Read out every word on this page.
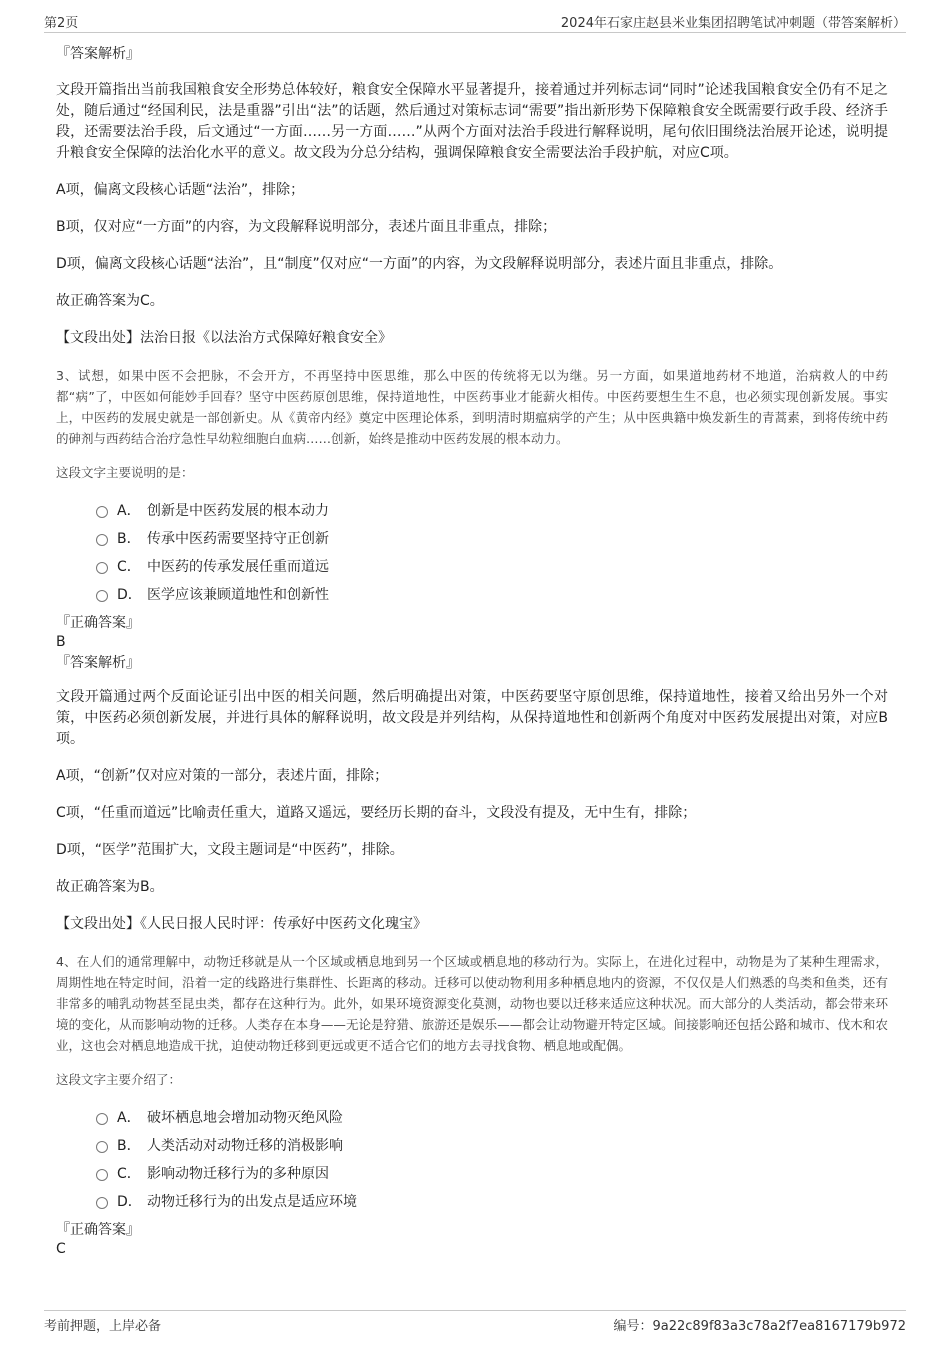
第2页	2024年石家庄赵县米业集团招聘笔试冲刺题（带答案解析）

『答案解析』

文段开篇指出当前我国粮食安全形势总体较好，粮食安全保障水平显著提升，接着通过并列标志词“同时”论述我国粮食安全仍有不足之处，随后通过“经国利民，法是重器”引出“法”的话题，然后通过对策标志词“需要”指出新形势下保障粮食安全既需要行政手段、经济手段，还需要法治手段，后文通过“一方面……另一方面……”从两个方面对法治手段进行解释说明，尾句依旧围绕法治展开论述，说明提升粮食安全保障的法治化水平的意义。故文段为分总分结构，强调保障粮食安全需要法治手段护航，对应C项。

A项，偏离文段核心话题“法治”，排除；

B项，仅对应“一方面”的内容，为文段解释说明部分，表述片面且非重点，排除；

D项，偏离文段核心话题“法治”，且“制度”仅对应“一方面”的内容，为文段解释说明部分，表述片面且非重点，排除。

故正确答案为C。

【文段出处】法治日报《以法治方式保障好粮食安全》

3、试想，如果中医不会把脉，不会开方，不再坚持中医思维，那么中医的传统将无以为继。另一方面，如果道地药材不地道，治病救人的中药都“病”了，中医如何能妙手回春？坚守中医药原创思维，保持道地性，中医药事业才能薪火相传。中医药要想生生不息，也必须实现创新发展。事实上，中医药的发展史就是一部创新史。从《黄帝内经》奠定中医理论体系，到明清时期瘟病学的产生；从中医典籍中焕发新生的青蒿素，到将传统中药的砷剂与西药结合治疗急性早幼粒细胞白血病……创新，始终是推动中医药发展的根本动力。

这段文字主要说明的是：

A． 创新是中医药发展的根本动力
B． 传承中医药需要坚持守正创新
C． 中医药的传承发展任重而道远
D． 医学应该兼顾道地性和创新性

『正确答案』

B

『答案解析』

文段开篇通过两个反面论证引出中医的相关问题，然后明确提出对策，中医药要坚守原创思维，保持道地性，接着又给出另外一个对策，中医药必须创新发展，并进行具体的解释说明，故文段是并列结构，从保持道地性和创新两个角度对中医药发展提出对策，对应B项。

A项，“创新”仅对应对策的一部分，表述片面，排除；

C项，“任重而道远”比喻责任重大，道路又遥远，要经历长期的奋斗，文段没有提及，无中生有，排除；

D项，“医学”范围扩大，文段主题词是“中医药”，排除。

故正确答案为B。

【文段出处】《人民日报人民时评：传承好中医药文化瑰宝》

4、在人们的通常理解中，动物迁移就是从一个区域或栖息地到另一个区域或栖息地的移动行为。实际上，在进化过程中，动物是为了某种生理需求，周期性地在特定时间，沿着一定的线路进行集群性、长距离的移动。迁移可以使动物利用多种栖息地内的资源，不仅仅是人们熟悉的鸟类和鱼类，还有非常多的哺乳动物甚至昆虫类，都存在这种行为。此外，如果环境资源变化莫测，动物也要以迁移来适应这种状况。而大部分的人类活动，都会带来环境的变化，从而影响动物的迁移。人类存在本身——无论是狩猎、旅游还是娱乐——都会让动物避开特定区域。间接影响还包括公路和城市、伐木和农业，这也会对栖息地造成干扰，迫使动物迁移到更远或更不适合它们的地方去寻找食物、栖息地或配偶。

这段文字主要介绍了：

A． 破坏栖息地会增加动物灭绝风险
B． 人类活动对动物迁移的消极影响
C． 影响动物迁移行为的多种原因
D． 动物迁移行为的出发点是适应环境

『正确答案』

C

考前押题，上岸必备	编号：9a22c89f83a3c78a2f7ea8167179b972
